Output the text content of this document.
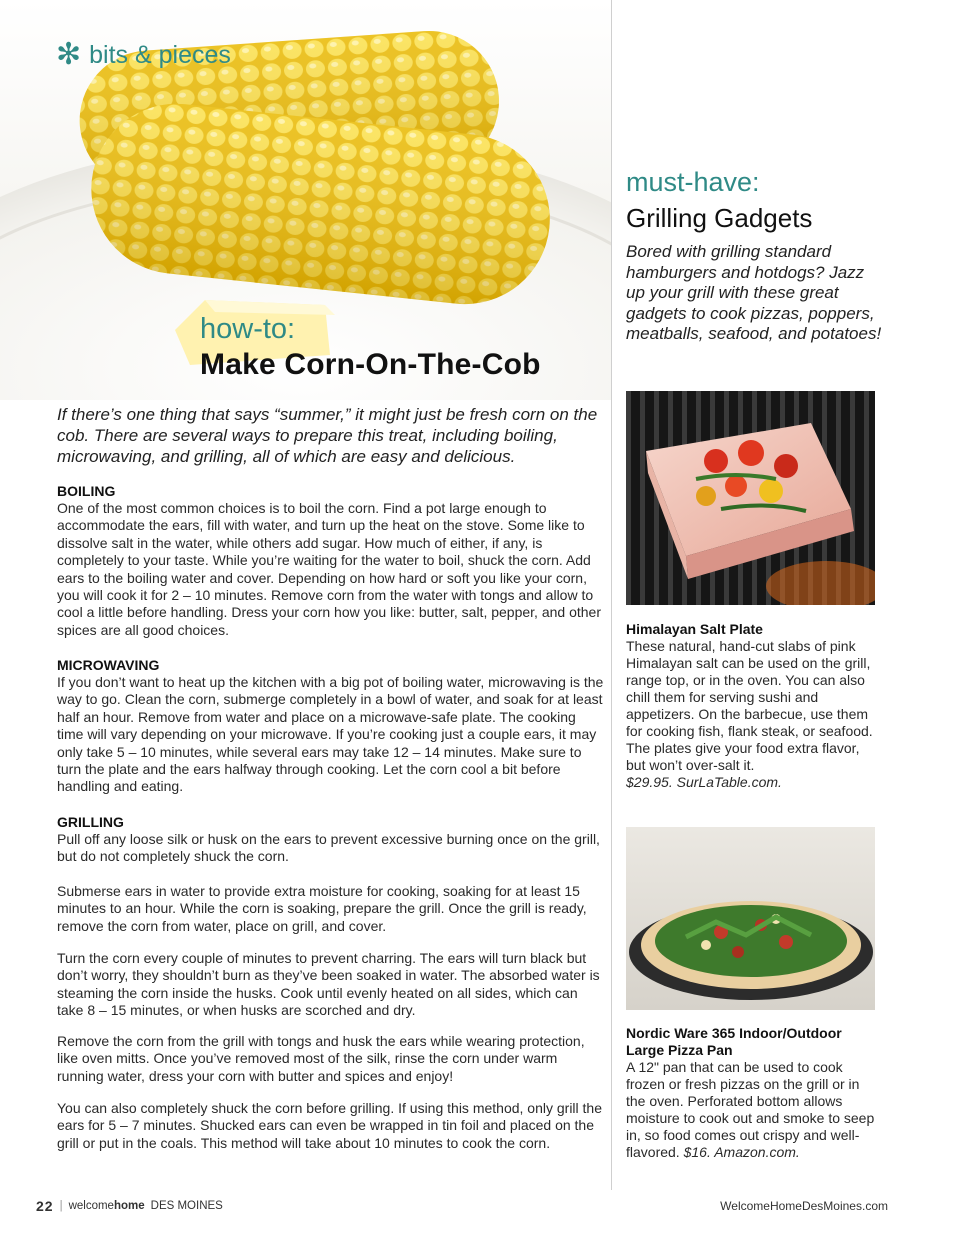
✻ bits & pieces
how-to:
Make Corn-On-The-Cob

If there’s one thing that says “summer,” it might just be fresh corn on the cob. There are several ways to prepare this treat, including boiling, microwaving, and grilling, all of which are easy and delicious.

BOILING

One of the most common choices is to boil the corn. Find a pot large enough to accommodate the ears, fill with water, and turn up the heat on the stove. Some like to dissolve salt in the water, while others add sugar. How much of either, if any, is completely to your taste. While you’re waiting for the water to boil, shuck the corn. Add ears to the boiling water and cover. Depending on how hard or soft you like your corn, you will cook it for 2 – 10 minutes. Remove corn from the water with tongs and allow to cool a little before handling. Dress your corn how you like: butter, salt, pepper, and other spices are all good choices.

MICROWAVING

If you don’t want to heat up the kitchen with a big pot of boiling water, microwaving is the way to go. Clean the corn, submerge completely in a bowl of water, and soak for at least half an hour. Remove from water and place on a microwave-safe plate. The cooking time will vary depending on your microwave. If you’re cooking just a couple ears, it may only take 5 – 10 minutes, while several ears may take 12 – 14 minutes. Make sure to turn the plate and the ears halfway through cooking. Let the corn cool a bit before handling and eating.

GRILLING

Pull off any loose silk or husk on the ears to prevent excessive burning once on the grill, but do not completely shuck the corn.

Submerse ears in water to provide extra moisture for cooking, soaking for at least 15 minutes to an hour. While the corn is soaking, prepare the grill. Once the grill is ready, remove the corn from water, place on grill, and cover.

Turn the corn every couple of minutes to prevent charring. The ears will turn black but don’t worry, they shouldn’t burn as they’ve been soaked in water. The absorbed water is steaming the corn inside the husks. Cook until evenly heated on all sides, which can take 8 – 15 minutes, or when husks are scorched and dry.

Remove the corn from the grill with tongs and husk the ears while wearing protection, like oven mitts. Once you’ve removed most of the silk, rinse the corn under warm running water, dress your corn with butter and spices and enjoy!

You can also completely shuck the corn before grilling. If using this method, only grill the ears for 5 – 7 minutes. Shucked ears can even be wrapped in tin foil and placed on the grill or put in the coals. This method will take about 10 minutes to cook the corn.

must-have:
Grilling Gadgets

Bored with grilling standard hamburgers and hotdogs? Jazz up your grill with these great gadgets to cook pizzas, poppers, meatballs, seafood, and potatoes!

Himalayan Salt Plate

These natural, hand-cut slabs of pink Himalayan salt can be used on the grill, range top, or in the oven. You can also chill them for serving sushi and appetizers. On the barbecue, use them for cooking fish, flank steak, or seafood. The plates give your food extra flavor, but won’t over-salt it.

$29.95. SurLaTable.com.

Nordic Ware 365 Indoor/Outdoor Large Pizza Pan

A 12" pan that can be used to cook frozen or fresh pizzas on the grill or in the oven. Perforated bottom allows moisture to cook out and smoke to seep in, so food comes out crispy and well-flavored. $16. Amazon.com.

22 | welcomehome DES MOINES	WelcomeHomeDesMoines.com
